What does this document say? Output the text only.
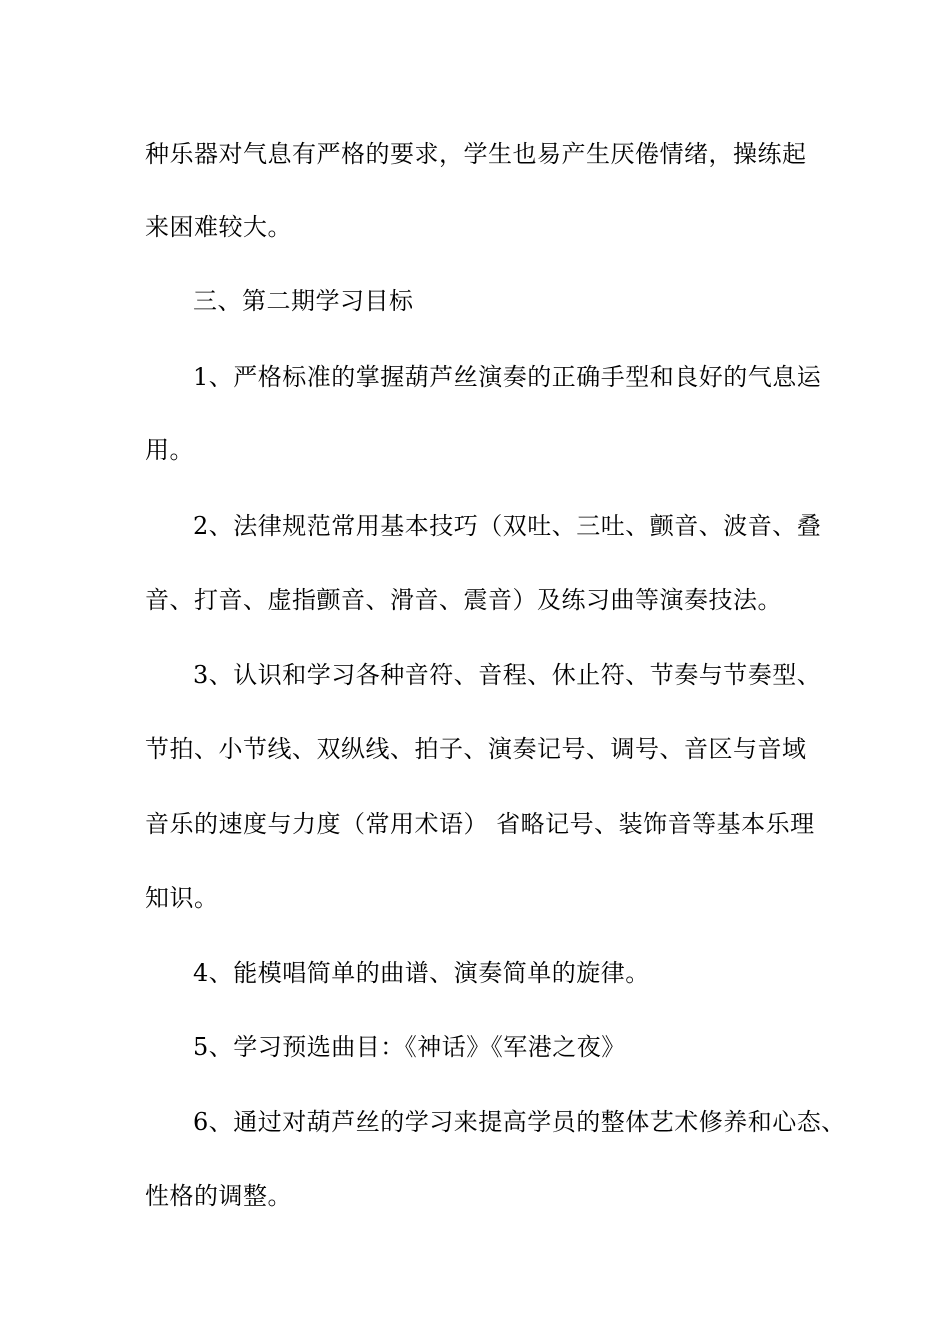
种乐器对气息有严格的要求，学生也易产生厌倦情绪，操练起
来困难较大。
三、第二期学习目标
1、严格标准的掌握葫芦丝演奏的正确手型和良好的气息运
用。
2、法律规范常用基本技巧（双吐、三吐、颤音、波音、叠
音、打音、虚指颤音、滑音、震音）及练习曲等演奏技法。
3、认识和学习各种音符、音程、休止符、节奏与节奏型、
节拍、小节线、双纵线、拍子、演奏记号、调号、音区与音域
音乐的速度与力度（常用术语） 省略记号、装饰音等基本乐理
知识。
4、能模唱简单的曲谱、演奏简单的旋律。
5、学习预选曲目：《神话》《军港之夜》
6、通过对葫芦丝的学习来提高学员的整体艺术修养和心态、
性格的调整。
